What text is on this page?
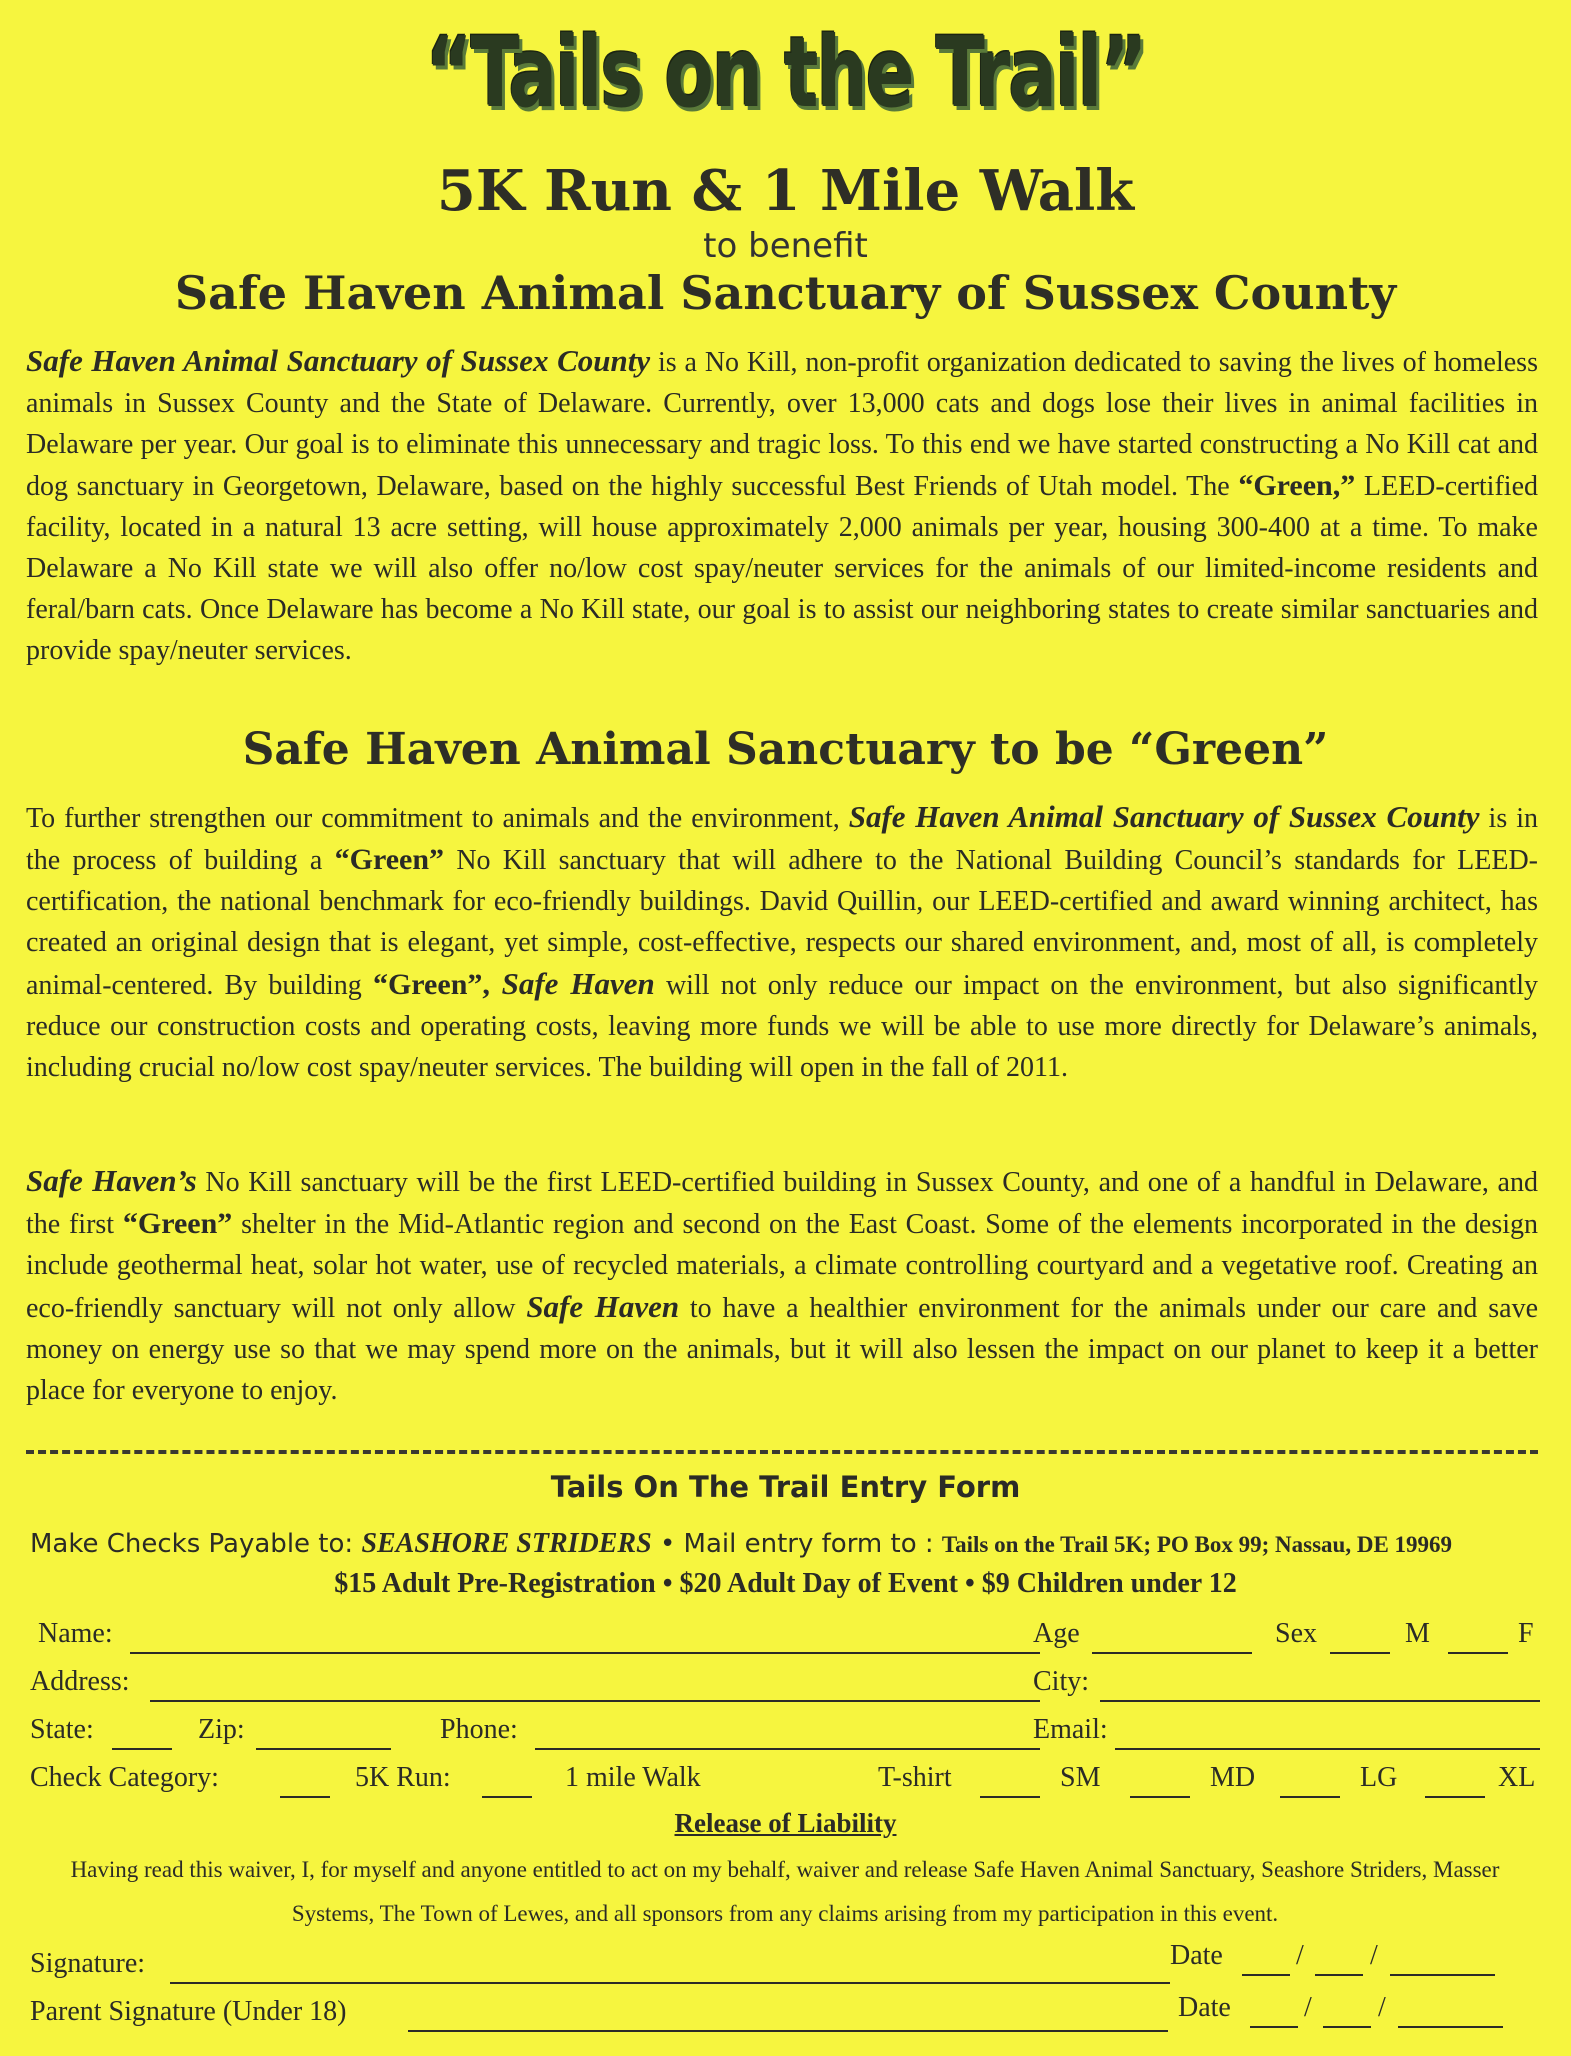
“Tails on the Trail”
5K Run & 1 Mile Walk
to benefit
Safe Haven Animal Sanctuary of Sussex County
Safe Haven Animal Sanctuary of Sussex County is a No Kill, non-profit organization dedicated to saving the lives of homeless animals in Sussex County and the State of Delaware. Currently, over 13,000 cats and dogs lose their lives in animal facilities in Delaware per year. Our goal is to eliminate this unnecessary and tragic loss. To this end we have started constructing a No Kill cat and dog sanctuary in Georgetown, Delaware, based on the highly successful Best Friends of Utah model. The “Green,” LEED-certified facility, located in a natural 13 acre setting, will house approximately 2,000 animals per year, housing 300-400 at a time. To make Delaware a No Kill state we will also offer no/low cost spay/neuter services for the animals of our limited-income residents and feral/barn cats. Once Delaware has become a No Kill state, our goal is to assist our neighboring states to create similar sanctuaries and provide spay/neuter services.
Safe Haven Animal Sanctuary to be “Green”
To further strengthen our commitment to animals and the environment, Safe Haven Animal Sanctuary of Sussex County is in the process of building a “Green” No Kill sanctuary that will adhere to the National Building Council’s standards for LEED-certification, the national benchmark for eco-friendly buildings. David Quillin, our LEED-certified and award winning architect, has created an original design that is elegant, yet simple, cost-effective, respects our shared environment, and, most of all, is completely animal-centered. By building “Green”, Safe Haven will not only reduce our impact on the environment, but also significantly reduce our construction costs and operating costs, leaving more funds we will be able to use more directly for Delaware’s animals, including crucial no/low cost spay/neuter services. The building will open in the fall of 2011.
Safe Haven’s No Kill sanctuary will be the first LEED-certified building in Sussex County, and one of a handful in Delaware, and the first “Green” shelter in the Mid-Atlantic region and second on the East Coast. Some of the elements incorporated in the design include geothermal heat, solar hot water, use of recycled materials, a climate controlling courtyard and a vegetative roof. Creating an eco-friendly sanctuary will not only allow Safe Haven to have a healthier environment for the animals under our care and save money on energy use so that we may spend more on the animals, but it will also lessen the impact on our planet to keep it a better place for everyone to enjoy.
Tails On The Trail Entry Form
Make Checks Payable to: SEASHORE STRIDERS • Mail entry form to : Tails on the Trail 5K; PO Box 99; Nassau, DE 19969
$15 Adult Pre-Registration • $20 Adult Day of Event • $9 Children under 12
Name:	Age	Sex	M	F
Address:	City:
State:	Zip:	Phone:	Email:
Check Category:	5K Run:	1 mile Walk	T-shirt	SM	MD	LG	XL
Release of Liability
Having read this waiver, I, for myself and anyone entitled to act on my behalf, waiver and release Safe Haven Animal Sanctuary, Seashore Striders, Masser Systems, The Town of Lewes, and all sponsors from any claims arising from my participation in this event.
Signature:	Date	/ /
Parent Signature (Under 18)	Date	/ /
